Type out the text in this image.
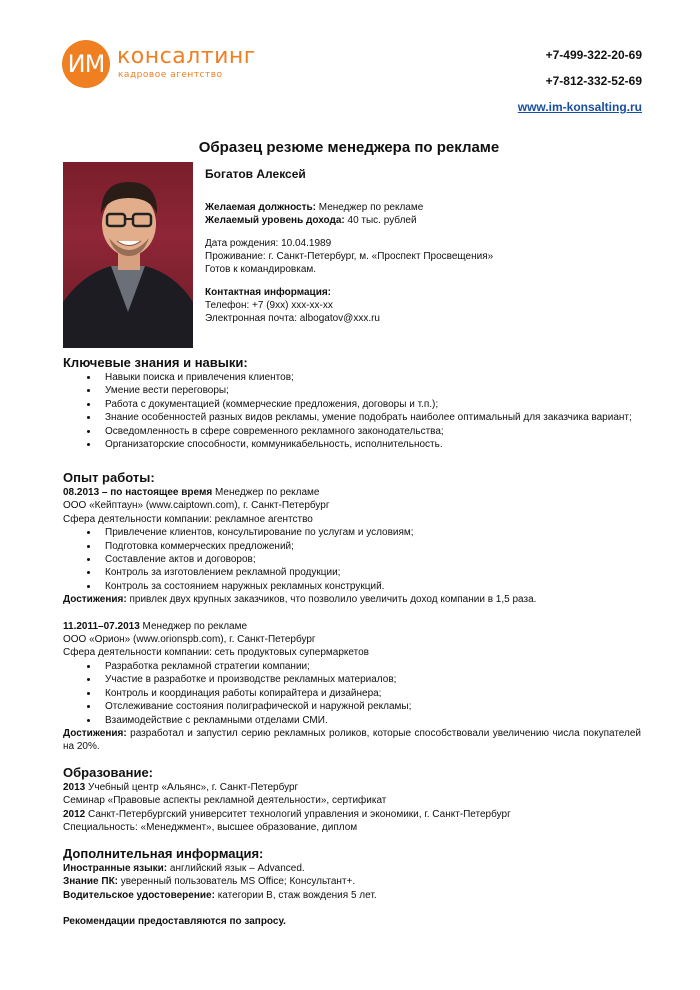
ИМ консалтинг
кадровое агентство
+7-499-322-20-69
+7-812-332-52-69
www.im-konsalting.ru
Образец резюме менеджера по рекламе
Богатов Алексей
Желаемая должность: Менеджер по рекламе
Желаемый уровень дохода: 40 тыс. рублей
Дата рождения: 10.04.1989
Проживание: г. Санкт-Петербург, м. «Проспект Просвещения»
Готов к командировкам.
Контактная информация:
Телефон: +7 (9хх) ххх-хх-хх
Электронная почта: albogatov@xxx.ru
Ключевые знания и навыки:
Навыки поиска и привлечения клиентов;
Умение вести переговоры;
Работа с документацией (коммерческие предложения, договоры и т.п.);
Знание особенностей разных видов рекламы, умение подобрать наиболее оптимальный для заказчика вариант;
Осведомленность в сфере современного рекламного законодательства;
Организаторские способности, коммуникабельность, исполнительность.
Опыт работы:
08.2013 – по настоящее время Менеджер по рекламе
ООО «Кейптаун» (www.caiptown.com), г. Санкт-Петербург
Сфера деятельности компании: рекламное агентство
Привлечение клиентов, консультирование по услугам и условиям;
Подготовка коммерческих предложений;
Составление актов и договоров;
Контроль за изготовлением рекламной продукции;
Контроль за состоянием наружных рекламных конструкций.
Достижения: привлек двух крупных заказчиков, что позволило увеличить доход компании в 1,5 раза.
11.2011–07.2013 Менеджер по рекламе
ООО «Орион» (www.orionspb.com), г. Санкт-Петербург
Сфера деятельности компании: сеть продуктовых супермаркетов
Разработка рекламной стратегии компании;
Участие в разработке и производстве рекламных материалов;
Контроль и координация работы копирайтера и дизайнера;
Отслеживание состояния полиграфической и наружной рекламы;
Взаимодействие с рекламными отделами СМИ.
Достижения: разработал и запустил серию рекламных роликов, которые способствовали увеличению числа покупателей на 20%.
Образование:
2013 Учебный центр «Альянс», г. Санкт-Петербург
Семинар «Правовые аспекты рекламной деятельности», сертификат
2012 Санкт-Петербургский университет технологий управления и экономики, г. Санкт-Петербург
Специальность: «Менеджмент», высшее образование, диплом
Дополнительная информация:
Иностранные языки: английский язык – Advanced.
Знание ПК: уверенный пользователь MS Office; Консультант+.
Водительское удостоверение: категории В, стаж вождения 5 лет.
Рекомендации предоставляются по запросу.
